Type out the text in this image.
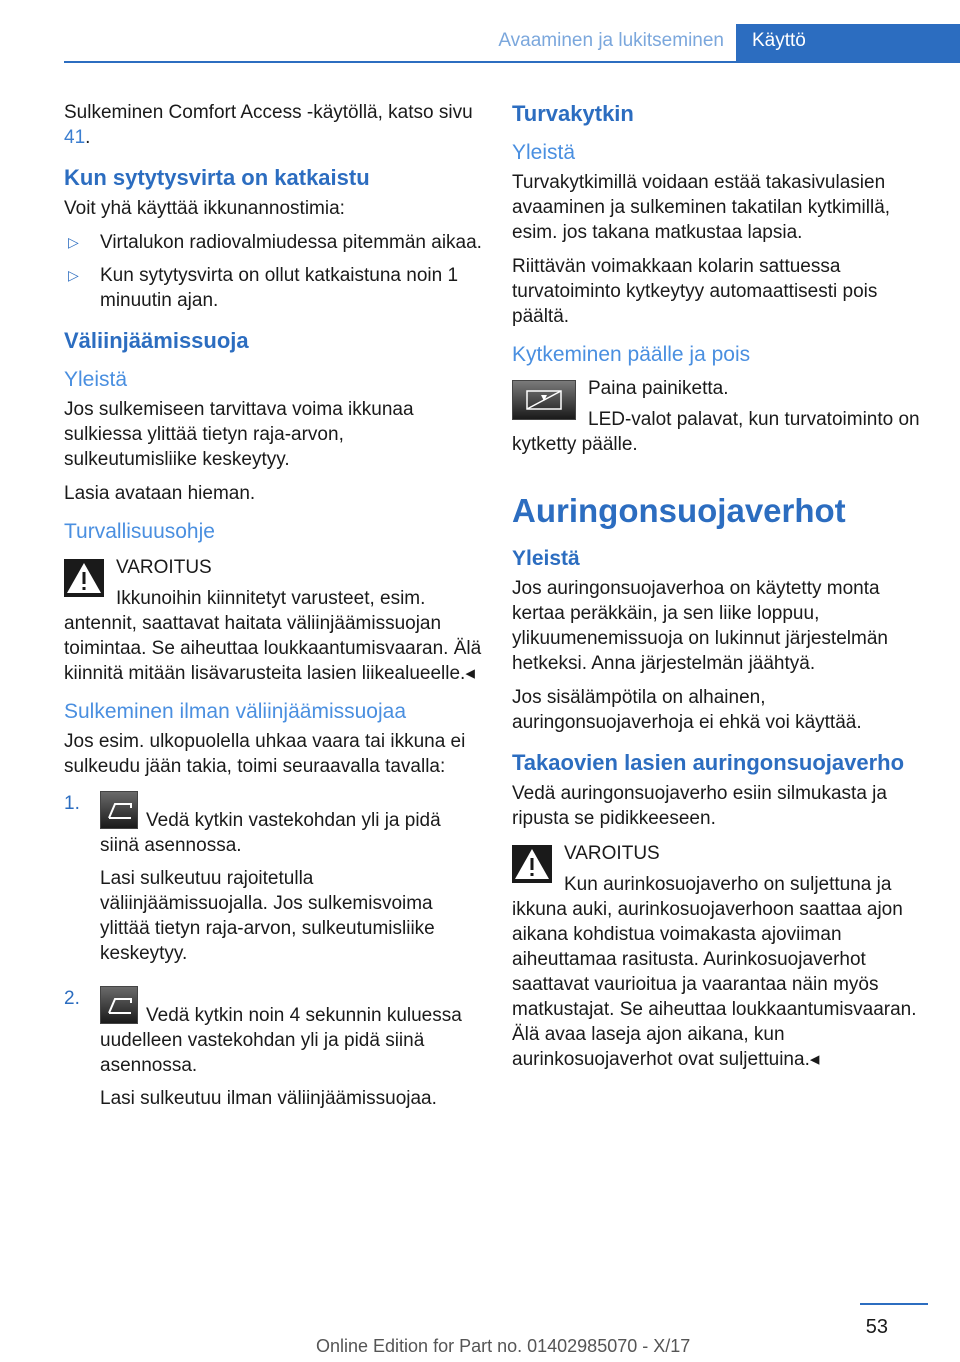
Avaaminen ja lukitseminen	Käyttö

Sulkeminen Comfort Access -käytöllä, katso sivu 41.

Kun sytytysvirta on katkaistu

Voit yhä käyttää ikkunannostimia:

▷ Virtalukon radiovalmiudessa pitemmän aikaa.
▷ Kun sytytysvirta on ollut katkaistuna noin 1 minuutin ajan.
Väliinjäämissuoja
Yleistä

Jos sulkemiseen tarvittava voima ikkunaa sulkiessa ylittää tietyn raja-arvon, sulkeutumisliike keskeytyy.

Lasia avataan hieman.

Turvallisuusohje

VAROITUS

Ikkunoihin kiinnitetyt varusteet, esim. antennit, saattavat haitata väliinjäämissuojan toimintaa. Se aiheuttaa loukkaantumisvaaran. Älä kiinnitä mitään lisävarusteita lasien liikealueelle.◂

Sulkeminen ilman väliinjäämissuojaa

Jos esim. ulkopuolella uhkaa vaara tai ikkuna ei sulkeudu jään takia, toimi seuraavalla tavalla:

1.
Vedä kytkin vastekohdan yli ja pidä siinä asennossa.

Lasi sulkeutuu rajoitetulla väliinjäämissuojalla. Jos sulkemisvoima ylittää tietyn raja-arvon, sulkeutumisliike keskeytyy.

2.
Vedä kytkin noin 4 sekunnin kuluessa uudelleen vastekohdan yli ja pidä siinä asennossa.

Lasi sulkeutuu ilman väliinjäämissuojaa.

Turvakytkin
Yleistä

Turvakytkimillä voidaan estää takasivulasien avaaminen ja sulkeminen takatilan kytkimillä, esim. jos takana matkustaa lapsia.

Riittävän voimakkaan kolarin sattuessa turvatoiminto kytkeytyy automaattisesti pois päältä.

Kytkeminen päälle ja pois

Paina painiketta.

LED-valot palavat, kun turvatoiminto on kytketty päälle.

Auringonsuojaverhot
Yleistä

Jos auringonsuojaverhoa on käytetty monta kertaa peräkkäin, ja sen liike loppuu, ylikuumenemissuoja on lukinnut järjestelmän hetkeksi. Anna järjestelmän jäähtyä.

Jos sisälämpötila on alhainen, auringonsuojaverhoja ei ehkä voi käyttää.

Takaovien lasien auringonsuojaverho

Vedä auringonsuojaverho esiin silmukasta ja ripusta se pidikkeeseen.

VAROITUS

Kun aurinkosuojaverho on suljettuna ja ikkuna auki, aurinkosuojaverhoon saattaa ajon aikana kohdistua voimakasta ajoviiman aiheuttamaa rasitusta. Aurinkosuojaverhot saattavat vaurioitua ja vaarantaa näin myös matkustajat. Se aiheuttaa loukkaantumisvaaran. Älä avaa laseja ajon aikana, kun aurinkosuojaverhot ovat suljettuina.◂

53
Online Edition for Part no. 01402985070 - X/17
